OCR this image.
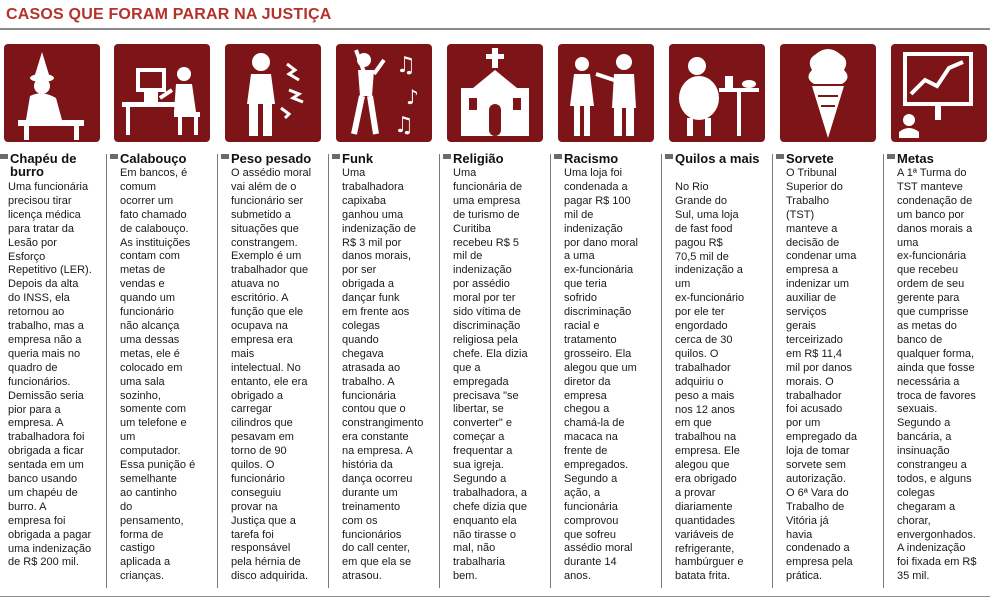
CASOS QUE FORAM PARAR NA JUSTIÇA
Chapéu de burro
Uma funcionária
precisou tirar
licença médica
para tratar da
Lesão por
Esforço
Repetitivo (LER).
Depois da alta
do INSS, ela
retornou ao
trabalho, mas a
empresa não a
queria mais no
quadro de
funcionários.
Demissão seria
pior para a
empresa. A
trabalhadora foi
obrigada a ficar
sentada em um
banco usando
um chapéu de
burro. A
empresa foi
obrigada a pagar
uma indenização
de R$ 200 mil.
Calabouço
Em bancos, é
comum
ocorrer um
fato chamado
de calabouço.
As instituições
contam com
metas de
vendas e
quando um
funcionário
não alcança
uma dessas
metas, ele é
colocado em
uma sala
sozinho,
somente com
um telefone e
um
computador.
Essa punição é
semelhante
ao cantinho
do
pensamento,
forma de
castigo
aplicada a
crianças.
Peso pesado
O assédio moral
vai além de o
funcionário ser
submetido a
situações que
constrangem.
Exemplo é um
trabalhador que
atuava no
escritório. A
função que ele
ocupava na
empresa era
mais
intelectual. No
entanto, ele era
obrigado a
carregar
cilindros que
pesavam em
torno de 90
quilos. O
funcionário
conseguiu
provar na
Justiça que a
tarefa foi
responsável
pela hérnia de
disco adquirida.
♫
♪
♫
Funk
Uma
trabalhadora
capixaba
ganhou uma
indenização de
R$ 3 mil por
danos morais,
por ser
obrigada a
dançar funk
em frente aos
colegas
quando
chegava
atrasada ao
trabalho. A
funcionária
contou que o
constrangimento
era constante
na empresa. A
história da
dança ocorreu
durante um
treinamento
com os
funcionários
do call center,
em que ela se
atrasou.
Religião
Uma
funcionária de
uma empresa
de turismo de
Curitiba
recebeu R$ 5
mil de
indenização
por assédio
moral por ter
sido vítima de
discriminação
religiosa pela
chefe. Ela dizia
que a
empregada
precisava "se
libertar, se
converter" e
começar a
frequentar a
sua igreja.
Segundo a
trabalhadora, a
chefe dizia que
enquanto ela
não tirasse o
mal, não
trabalharia
bem.
Racismo
Uma loja foi
condenada a
pagar R$ 100
mil de
indenização
por dano moral
a uma
ex-funcionária
que teria
sofrido
discriminação
racial e
tratamento
grosseiro. Ela
alegou que um
diretor da
empresa
chegou a
chamá-la de
macaca na
frente de
empregados.
Segundo a
ação, a
funcionária
comprovou
que sofreu
assédio moral
durante 14
anos.
Quilos a mais
No Rio
Grande do
Sul, uma loja
de fast food
pagou R$
70,5 mil de
indenização a
um
ex-funcionário
por ele ter
engordado
cerca de 30
quilos. O
trabalhador
adquiriu o
peso a mais
nos 12 anos
em que
trabalhou na
empresa. Ele
alegou que
era obrigado
a provar
diariamente
quantidades
variáveis de
refrigerante,
hambúrguer e
batata frita.
Sorvete
O Tribunal
Superior do
Trabalho
(TST)
manteve a
decisão de
condenar uma
empresa a
indenizar um
auxiliar de
serviços
gerais
terceirizado
em R$ 11,4
mil por danos
morais. O
trabalhador
foi acusado
por um
empregado da
loja de tomar
sorvete sem
autorização.
O 6ª Vara do
Trabalho de
Vitória já
havia
condenado a
empresa pela
prática.
Metas
A 1ª Turma do
TST manteve
condenação de
um banco por
danos morais a
uma
ex-funcionária
que recebeu
ordem de seu
gerente para
que cumprisse
as metas do
banco de
qualquer forma,
ainda que fosse
necessária a
troca de favores
sexuais.
Segundo a
bancária, a
insinuação
constrangeu a
todos, e alguns
colegas
chegaram a
chorar,
envergonhados.
A indenização
foi fixada em R$
35 mil.
